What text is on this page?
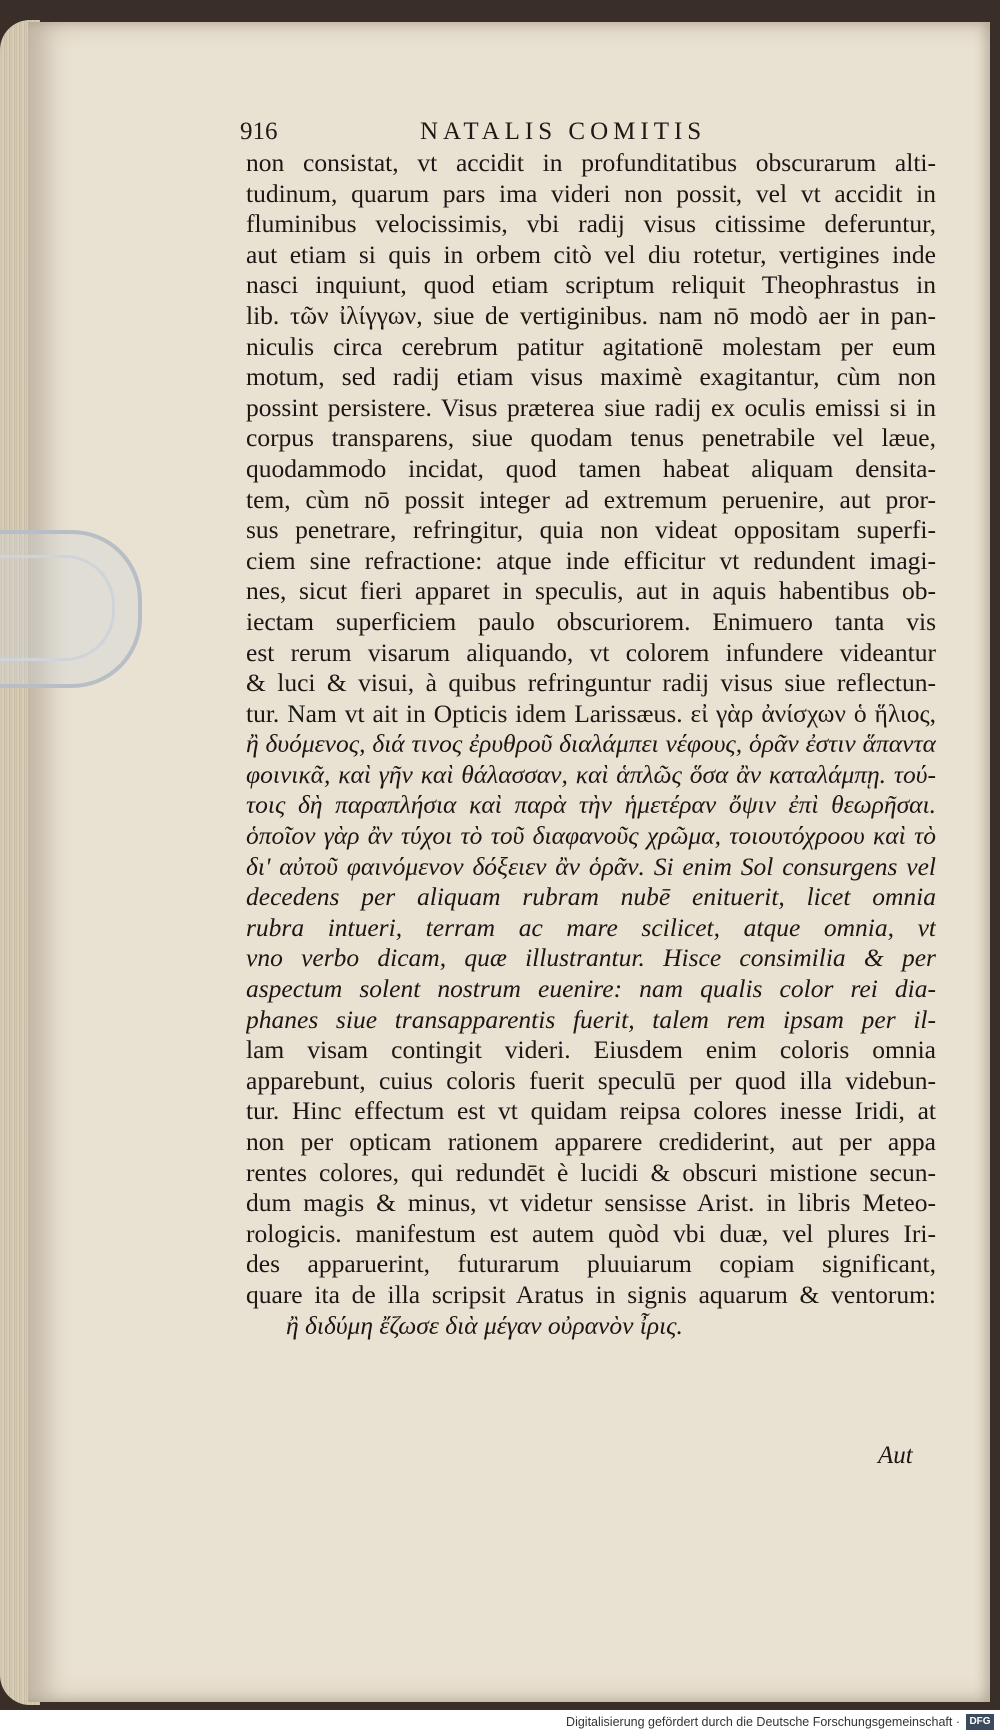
916	NATALIS COMITIS
non consistat, vt accidit in profunditatibus obscurarum alti-
tudinum, quarum pars ima videri non possit, vel vt accidit in
fluminibus velocissimis, vbi radij visus citissime deferuntur,
aut etiam si quis in orbem citò vel diu rotetur, vertigines inde
nasci inquiunt, quod etiam scriptum reliquit Theophrastus in
lib. τῶν ἰλίγγων, siue de vertiginibus. nam nō modò aer in pan-
niculis circa cerebrum patitur agitationē molestam per eum
motum, sed radij etiam visus maximè exagitantur, cùm non
possint persistere. Visus præterea siue radij ex oculis emissi si in
corpus transparens, siue quodam tenus penetrabile vel læue,
quodammodo incidat, quod tamen habeat aliquam densita-
tem, cùm nō possit integer ad extremum peruenire, aut pror-
sus penetrare, refringitur, quia non videat oppositam superfi-
ciem sine refractione: atque inde efficitur vt redundent imagi-
nes, sicut fieri apparet in speculis, aut in aquis habentibus ob-
iectam superficiem paulo obscuriorem. Enimuero tanta vis
est rerum visarum aliquando, vt colorem infundere videantur
& luci & visui, à quibus refringuntur radij visus siue reflectun-
tur. Nam vt ait in Opticis idem Larissæus. εἰ γὰρ ἀνίσχων ὁ ἥλιος,
ἢ δυόμενος, διά τινος ἐρυθροῦ διαλάμπει νέφους, ὁρᾶν ἐστιν ἅπαντα
φοινικᾶ, καὶ γῆν καὶ θάλασσαν, καὶ ἁπλῶς ὅσα ἂν καταλάμπῃ. τού-
τοις δὴ παραπλήσια καὶ παρὰ τὴν ἡμετέραν ὄψιν ἐπὶ θεωρῆσαι.
ὁποῖον γὰρ ἂν τύχοι τὸ τοῦ διαφανοῦς χρῶμα, τοιουτόχροου καὶ τὸ
δι' αὐτοῦ φαινόμενον δόξειεν ἂν ὁρᾶν. Si enim Sol consurgens vel
decedens per aliquam rubram nubē enituerit, licet omnia
rubra intueri, terram ac mare scilicet, atque omnia, vt
vno verbo dicam, quæ illustrantur. Hisce consimilia & per
aspectum solent nostrum euenire: nam qualis color rei dia-
phanes siue transapparentis fuerit, talem rem ipsam per il-
lam visam contingit videri. Eiusdem enim coloris omnia
apparebunt, cuius coloris fuerit speculū per quod illa videbun-
tur. Hinc effectum est vt quidam reipsa colores inesse Iridi, at
non per opticam rationem apparere crediderint, aut per appa
rentes colores, qui redundēt è lucidi & obscuri mistione secun-
dum magis & minus, vt videtur sensisse Arist. in libris Meteo-
rologicis. manifestum est autem quòd vbi duæ, vel plures Iri-
des apparuerint, futurarum pluuiarum copiam significant,
quare ita de illa scripsit Aratus in signis aquarum & ventorum:
ἢ διδύμη ἔζωσε διὰ μέγαν οὐρανὸν ἶρις.
Aut
Digitalisierung gefördert durch die Deutsche Forschungsgemeinschaft · DFG
